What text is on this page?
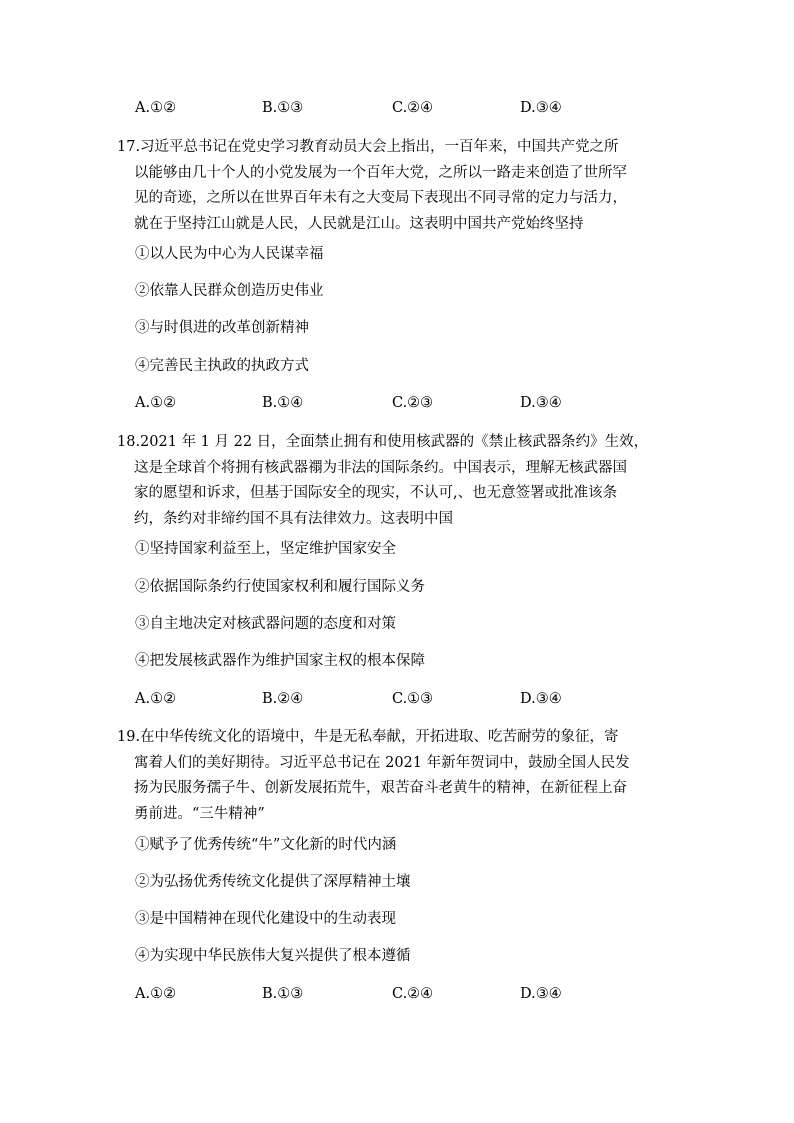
A.①②	B.①③	C.②④	D.③④
17.习近平总书记在党史学习教育动员大会上指出，一百年来，中国共产党之所
以能够由几十个人的小党发展为一个百年大党，之所以一路走来创造了世所罕
见的奇迹，之所以在世界百年未有之大变局下表现出不同寻常的定力与活力，
就在于坚持江山就是人民，人民就是江山。这表明中国共产党始终坚持
①以人民为中心为人民谋幸福
②依靠人民群众创造历史伟业
③与时俱进的改革创新精神
④完善民主执政的执政方式
A.①②	B.①④	C.②③	D.③④
18.2021 年 1 月 22 日，全面禁止拥有和使用核武器的《禁止核武器条约》生效，
这是全球首个将拥有核武器禤为非法的国际条约。中国表示，理解无核武器国
家的愿望和诉求，但基于国际安全的现实，不认可,、也无意签署或批准该条
约，条约对非缔约国不具有法律效力。这表明中国
①坚持国家利益至上，坚定维护国家安全
②依据国际条约行使国家权利和履行国际义务
③自主地决定对核武器问题的态度和对策
④把发展核武器作为维护国家主权的根本保障
A.①②	B.②④	C.①③	D.③④
19.在中华传统文化的语境中，牛是无私奉献，开拓进取、吃苦耐劳的象征，寄
寓着人们的美好期待。习近平总书记在 2021 年新年贺词中，鼓励全国人民发
扬为民服务孺子牛、创新发展拓荒牛，艰苦奋斗老黄牛的精神，在新征程上奋
勇前进。“三牛精神”
①赋予了优秀传统“牛”文化新的时代内涵
②为弘扬优秀传统文化提供了深厚精神土壤
③是中国精神在现代化建设中的生动表现
④为实现中华民族伟大复兴提供了根本遵循
A.①②	B.①③	C.②④	D.③④
